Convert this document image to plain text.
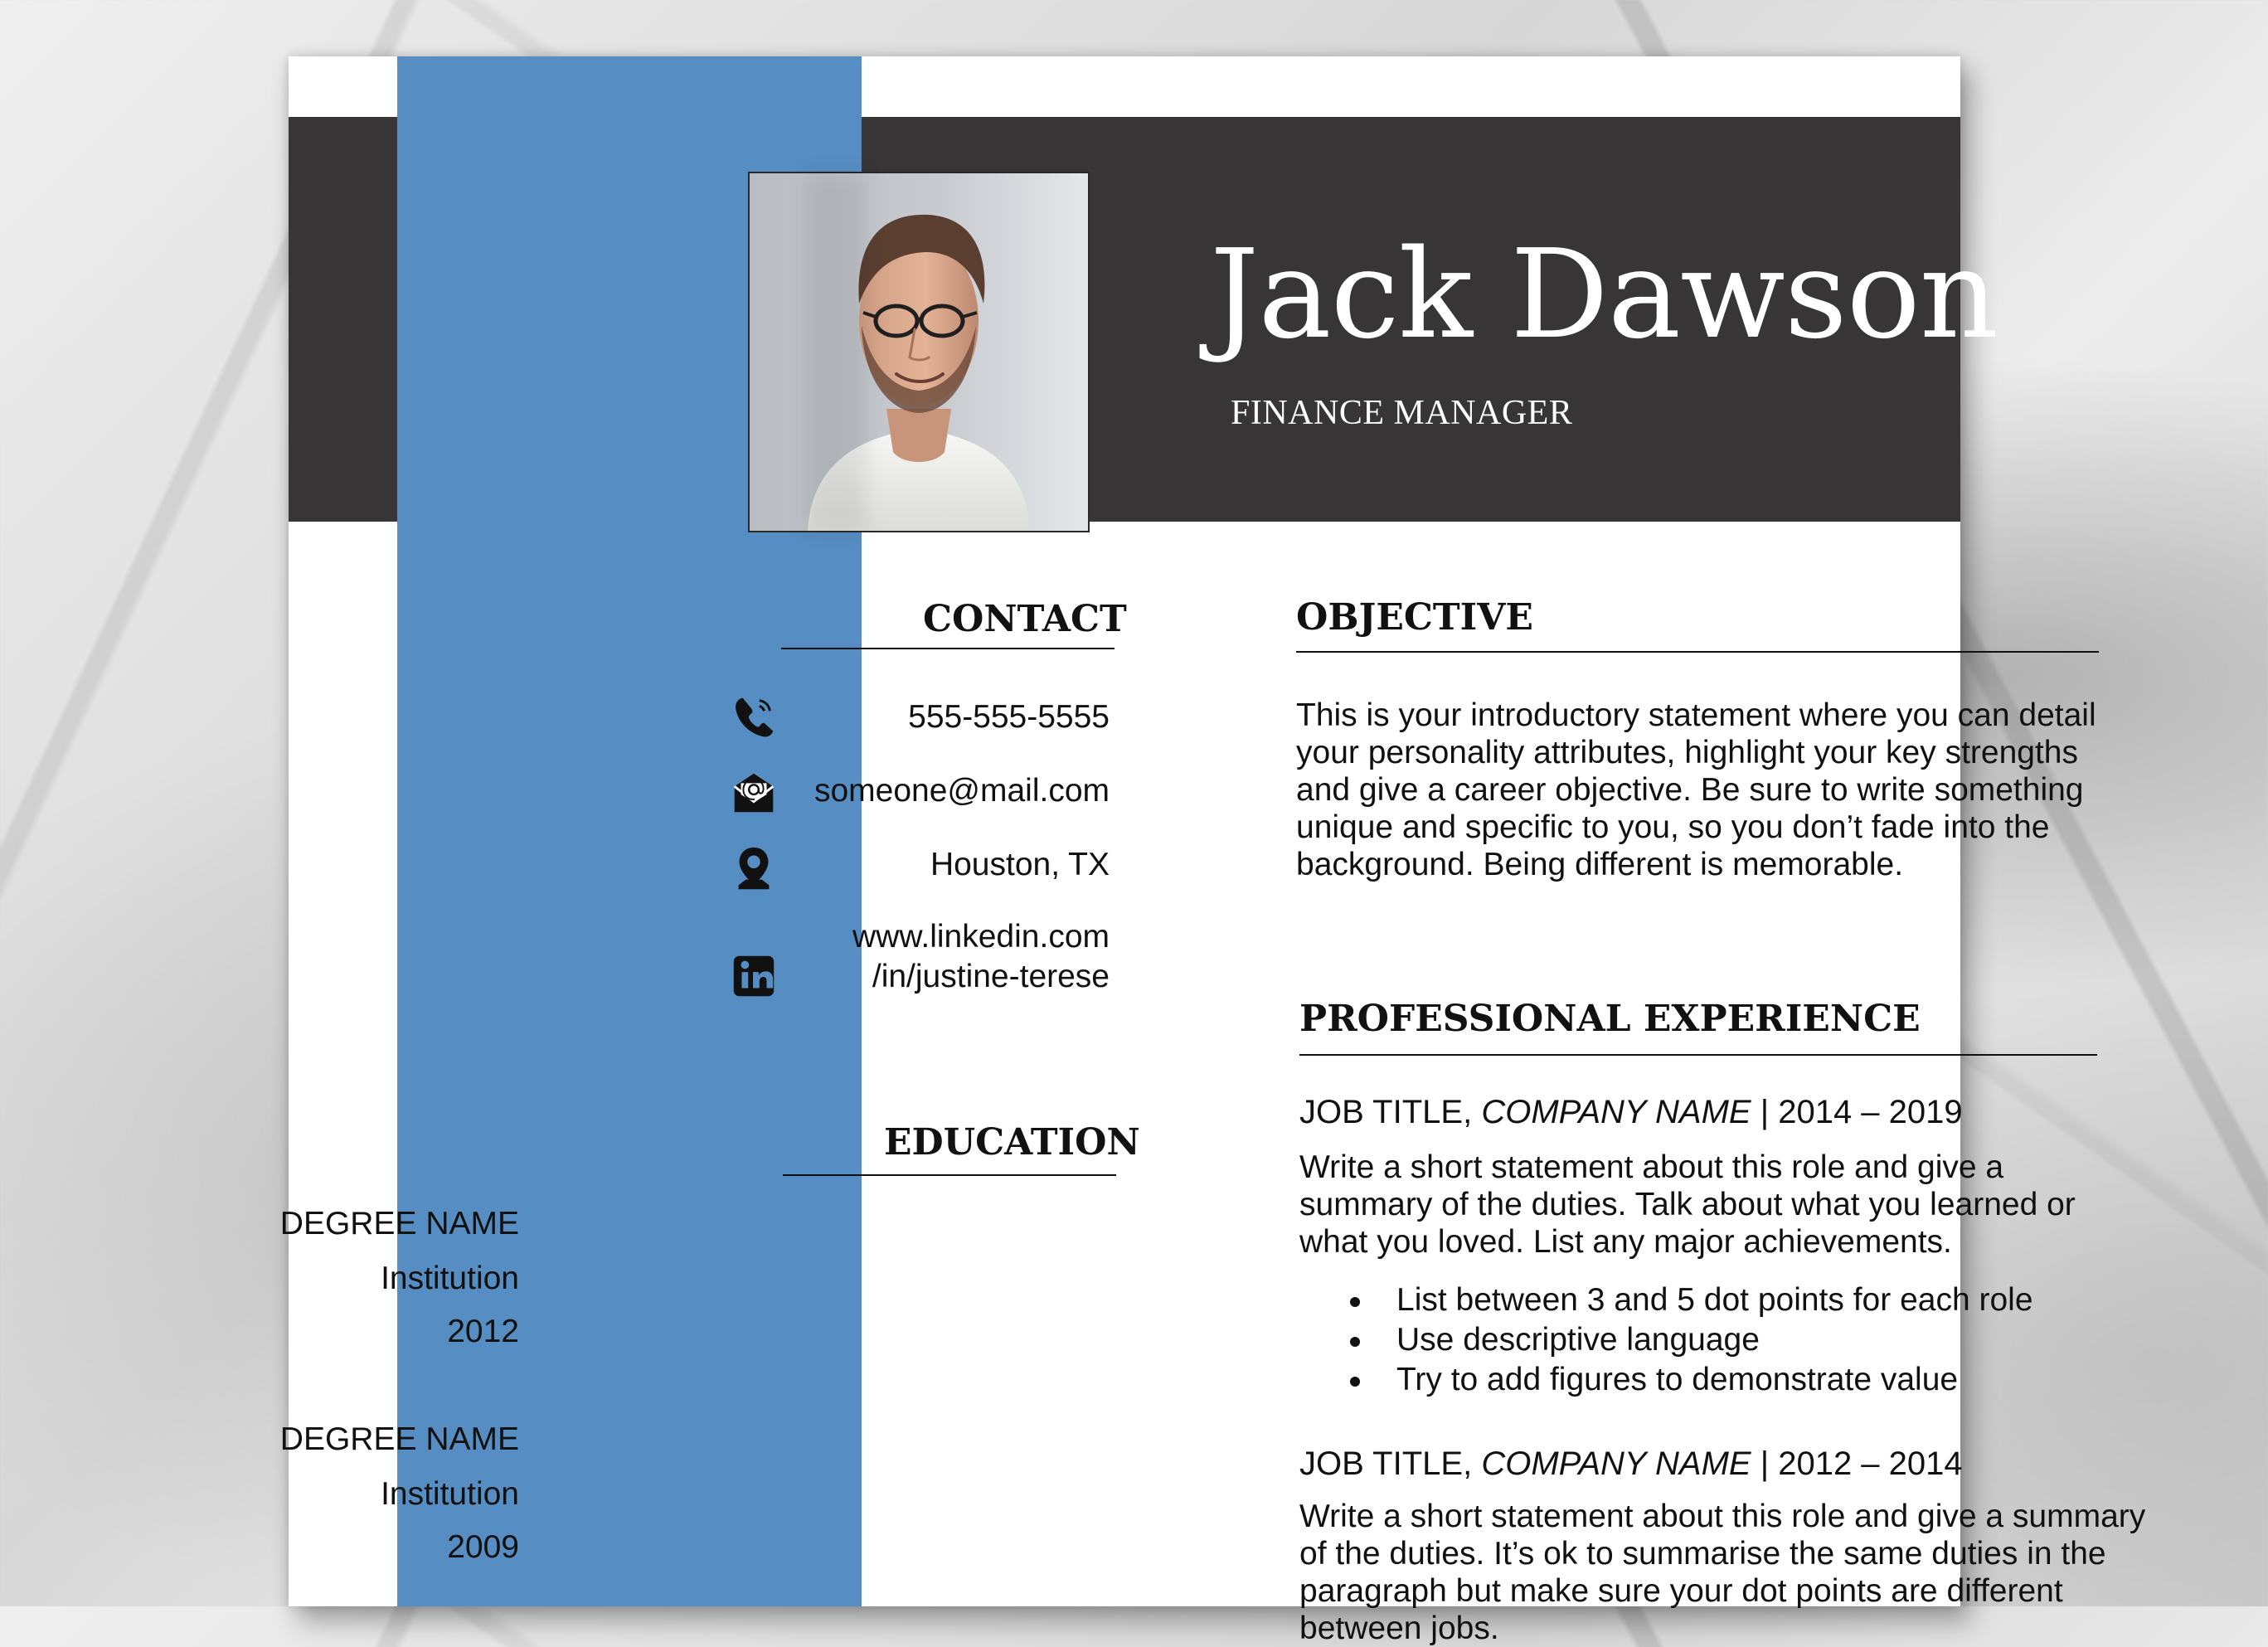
Jack Dawson
FINANCE MANAGER
CONTACT
555-555-5555
someone@mail.com
Houston, TX
www.linkedin.com
/in/justine-terese
EDUCATION
DEGREE NAME
Institution
2012
DEGREE NAME
Institution
2009
OBJECTIVE

This is your introductory statement where you can detail your personality attributes, highlight your key strengths and give a career objective. Be sure to write something unique and specific to you, so you don’t fade into the background. Being different is memorable.

PROFESSIONAL EXPERIENCE
JOB TITLE, COMPANY NAME | 2014 – 2019

Write a short statement about this role and give a summary of the duties. Talk about what you learned or what you loved. List any major achievements.

List between 3 and 5 dot points for each role
Use descriptive language
Try to add figures to demonstrate value
JOB TITLE, COMPANY NAME | 2012 – 2014

Write a short statement about this role and give a summary of the duties. It’s ok to summarise the same duties in the paragraph but make sure your dot points are different between jobs.
